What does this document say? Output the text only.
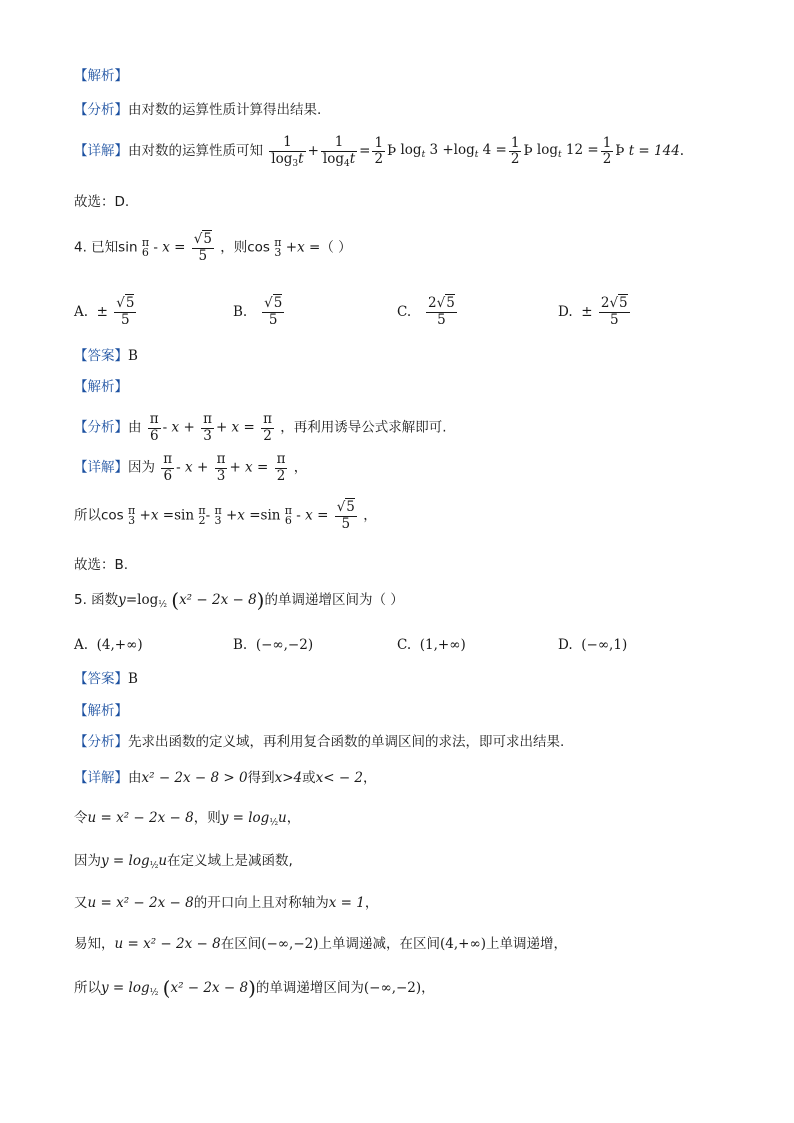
【解析】
【分析】由对数的运算性质计算得出结果.
【详解】由对数的运算性质可知 $\frac{1}{\log_3t} + \frac{1}{\log_4t} = \frac{1}{2}$ Þ $\log_t 3 +\log_t$ $4 = \frac{1}{2}$ Þ $\log_t 12 = \frac{1}{2}$ Þ t = 144.
故选：D.
4. 已知sin π
$6 - x = \frac{√5}{5}$ ，则cos π
3 +x =（ ）
A. ± $\frac{√5}{5}$	B. $\frac{√5}{5}$	C. $\frac{2√5}{5}$	D. ± $\frac{2√5}{5}$
【答案】B
【解析】
【分析】由 $\frac{\pi}{6} - x + \frac{\pi}{3} + x = \frac{\pi}{2}$ ，再利用诱导公式求解即可.
【详解】因为 $\frac{\pi}{6} - x + \frac{\pi}{3} + x = \frac{\pi}{2}$ ，
所以cos π
3 +x =sin π
2- π
3 +x =sin π
$6 - x = \frac{√5}{5}$ ，
故选：B.
5. 函数$y=\log_{\frac{1}{2}}$ (x² − 2x − 8)的单调递增区间为（ ）
A. (4,+∞)	B. (−∞,−2)	C. (1,+∞)	D. (−∞,1)
【答案】B
【解析】
【分析】先求出函数的定义域，再利用复合函数的单调区间的求法，即可求出结果.
【详解】由x² − 2x − 8 > 0得到x>4或x< − 2，
令u = x² − 2x − 8，则$y = \log_{\frac{1}{2}}u$，
因为$y = \log_{\frac{1}{2}}u$在定义域上是减函数,
又u = x² − 2x − 8的开口向上且对称轴为x = 1，
易知，u = x² − 2x − 8在区间(−∞,−2)上单调递减，在区间(4,+∞)上单调递增，
所以$y = \log_{\frac{1}{2}} (x^2 - 2x - 8)$的单调递增区间为(−∞,−2)，
